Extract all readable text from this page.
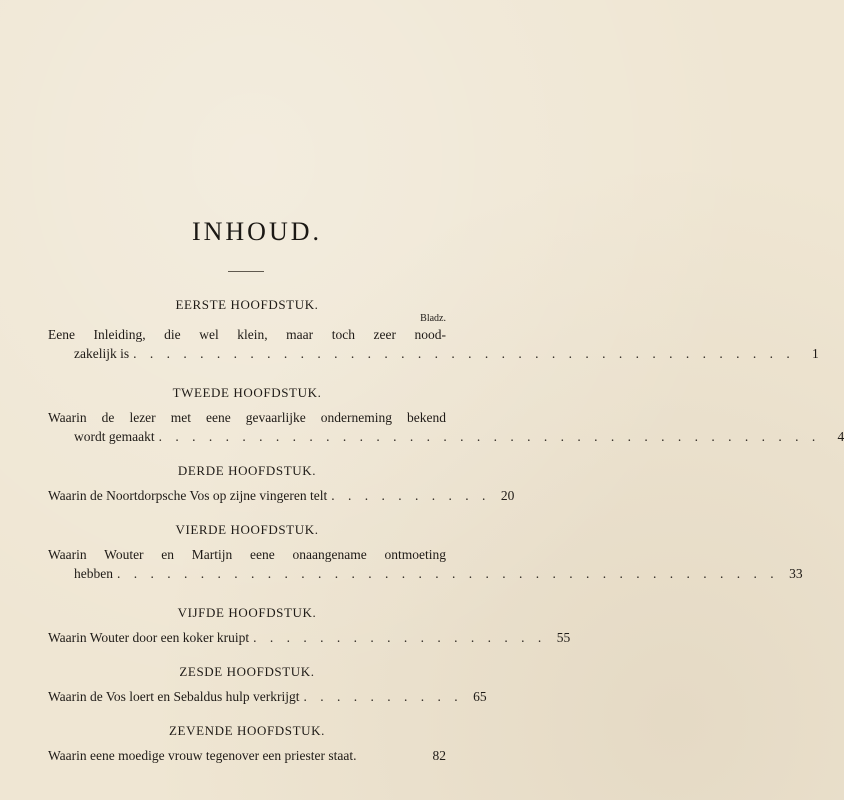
INHOUD.
EERSTE HOOFDSTUK.
Bladz.
Eene Inleiding, die wel klein, maar toch zeer nood-
zakelijk is . . . . . . . . . . . . . . . . . . . . . . . . . . . . . . . . . . . . . . . .	1
TWEEDE HOOFDSTUK.
Waarin de lezer met eene gevaarlijke onderneming bekend
wordt gemaakt . . . . . . . . . . . . . . . . . . . . . . . . . . . . . . . . . . . . . . . .	4
DERDE HOOFDSTUK.
Waarin de Noortdorpsche Vos op zijne vingeren telt . . . . . . . . . . 20
VIERDE HOOFDSTUK.
Waarin Wouter en Martijn eene onaangename ontmoeting
hebben . . . . . . . . . . . . . . . . . . . . . . . . . . . . . . . . . . . . . . . . 33
VIJFDE HOOFDSTUK.
Waarin Wouter door een koker kruipt . . . . . . . . . . . . . . . . . . 55
ZESDE HOOFDSTUK.
Waarin de Vos loert en Sebaldus hulp verkrijgt . . . . . . . . . . 65
ZEVENDE HOOFDSTUK.
Waarin eene moedige vrouw tegenover een priester staat.	82
